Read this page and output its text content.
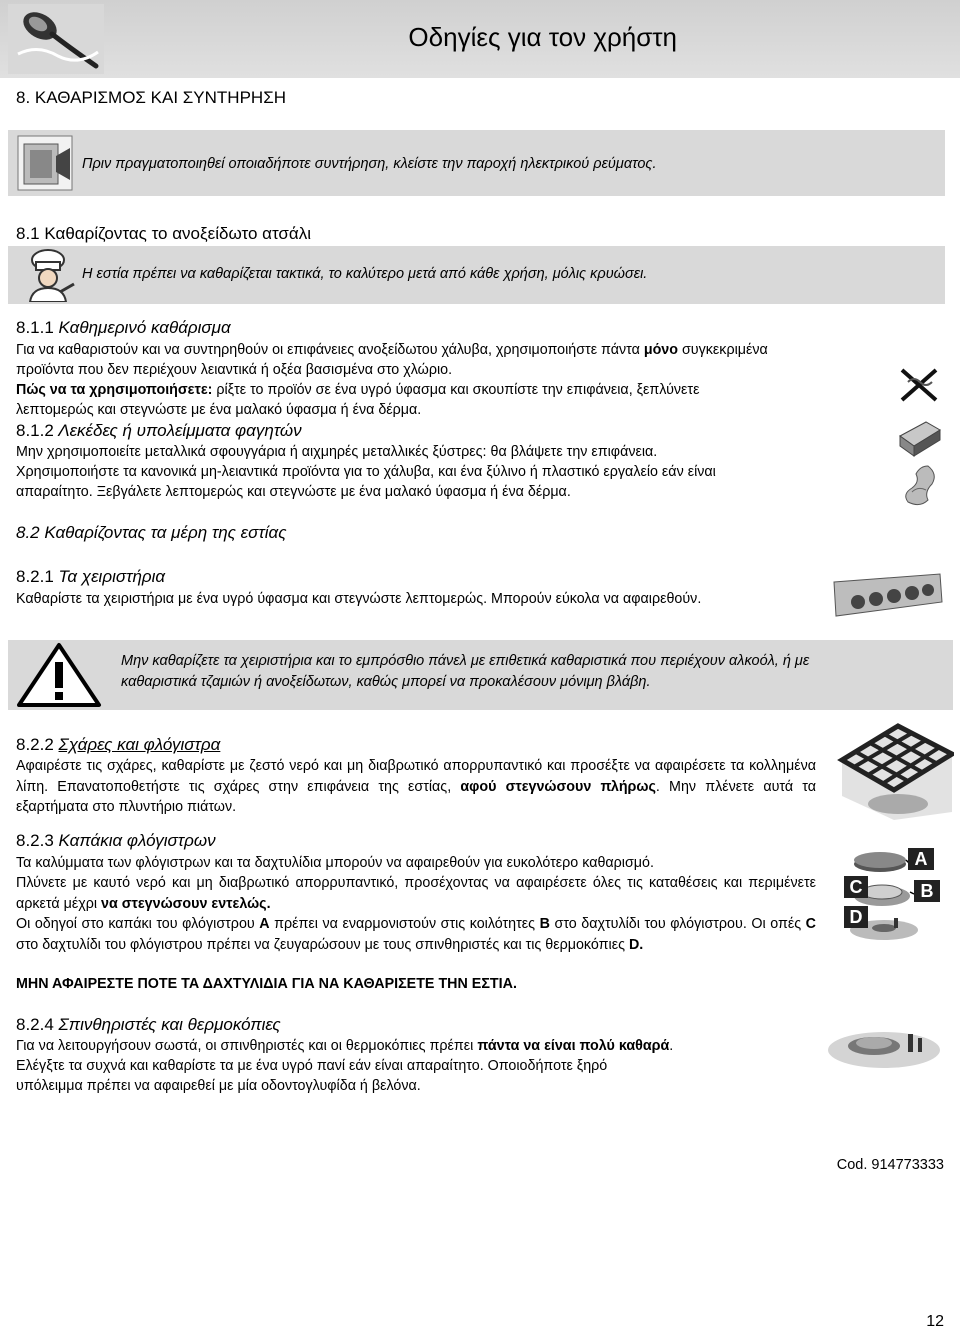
Οδηγίες για τον χρήστη
8. ΚΑΘΑΡΙΣΜΟΣ ΚΑΙ ΣΥΝΤΗΡΗΣΗ
Πριν πραγματοποιηθεί οποιαδήποτε συντήρηση, κλείστε την παροχή ηλεκτρικού ρεύματος.
8.1 Καθαρίζοντας το ανοξείδωτο ατσάλι
Η εστία πρέπει να καθαρίζεται τακτικά, το καλύτερο μετά από κάθε χρήση, μόλις κρυώσει.
8.1.1 Καθημερινό καθάρισμα
Για να καθαριστούν και να συντηρηθούν οι επιφάνειες ανοξείδωτου χάλυβα, χρησιμοποιήστε πάντα μόνο συγκεκριμένα
προϊόντα που δεν περιέχουν λειαντικά ή οξέα βασισμένα στο χλώριο.
Πώς να τα χρησιμοποιήσετε: ρίξτε το προϊόν σε ένα υγρό ύφασμα και σκουπίστε την επιφάνεια, ξεπλύνετε
λεπτομερώς και στεγνώστε με ένα μαλακό ύφασμα ή ένα δέρμα.
8.1.2 Λεκέδες ή υπολείμματα φαγητών
Μην χρησιμοποιείτε μεταλλικά σφουγγάρια ή αιχμηρές μεταλλικές ξύστρες: θα βλάψετε την επιφάνεια.
Χρησιμοποιήστε τα κανονικά μη-λειαντικά προϊόντα για το χάλυβα, και ένα ξύλινο ή πλαστικό εργαλείο εάν είναι
απαραίτητο. Ξεβγάλετε λεπτομερώς και στεγνώστε με ένα μαλακό ύφασμα ή ένα δέρμα.
8.2 Καθαρίζοντας τα μέρη της εστίας
8.2.1 Τα χειριστήρια
Καθαρίστε τα χειριστήρια με ένα υγρό ύφασμα και στεγνώστε λεπτομερώς. Μπορούν εύκολα να αφαιρεθούν.
Μην καθαρίζετε τα χειριστήρια και το εμπρόσθιο πάνελ με επιθετικά καθαριστικά που περιέχουν αλκοόλ, ή με
καθαριστικά τζαμιών ή ανοξείδωτων, καθώς μπορεί να προκαλέσουν μόνιμη βλάβη.
8.2.2 Σχάρες και φλόγιστρα
Αφαιρέστε τις σχάρες, καθαρίστε με ζεστό νερό και μη διαβρωτικό απορρυπαντικό και προσέξτε να αφαιρέσετε τα κολλημένα λίπη. Επανατοποθετήστε τις σχάρες στην επιφάνεια της εστίας, αφού στεγνώσουν πλήρως. Μην πλένετε αυτά τα εξαρτήματα στο πλυντήριο πιάτων.
8.2.3 Καπάκια φλόγιστρων
Τα καλύμματα των φλόγιστρων και τα δαχτυλίδια μπορούν να αφαιρεθούν για ευκολότερο καθαρισμό.
Πλύνετε με καυτό νερό και μη διαβρωτικό απορρυπαντικό, προσέχοντας να αφαιρέσετε όλες τις καταθέσεις και περιμένετε αρκετά μέχρι να στεγνώσουν εντελώς.
Οι οδηγοί στο καπάκι του φλόγιστρου A πρέπει να εναρμονιστούν στις κοιλότητες B στο δαχτυλίδι του φλόγιστρου. Οι οπές C στο δαχτυλίδι του φλόγιστρου πρέπει να ζευγαρώσουν με τους σπινθηριστές και τις θερμοκόπιες D.
ΜΗΝ ΑΦΑΙΡΕΣΤΕ ΠΟΤΕ ΤΑ ΔΑΧΤΥΛΙΔΙΑ ΓΙΑ ΝΑ ΚΑΘΑΡΙΣΕΤΕ ΤΗΝ ΕΣΤΙΑ.
A
B
C
D
8.2.4 Σπινθηριστές και θερμοκόπιες
Για να λειτουργήσουν σωστά, οι σπινθηριστές και οι θερμοκόπιες πρέπει πάντα να είναι πολύ καθαρά.
Ελέγξτε τα συχνά και καθαρίστε τα με ένα υγρό πανί εάν είναι απαραίτητο. Οποιοδήποτε ξηρό
υπόλειμμα πρέπει να αφαιρεθεί με μία οδοντογλυφίδα ή βελόνα.
Cod. 914773333
12
